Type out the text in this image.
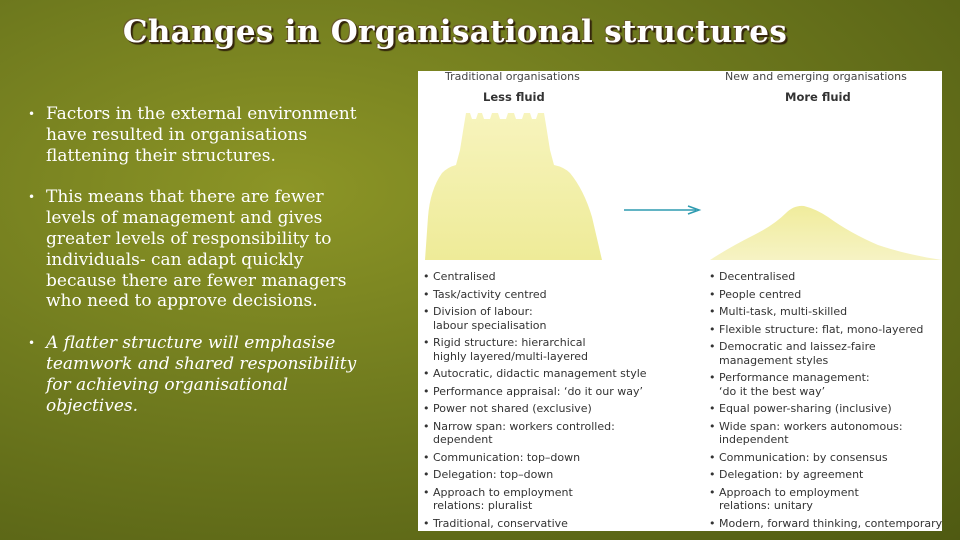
Changes in Organisational structures
• Factors in the external environment have resulted in organisations flattening their structures.
• This means that there are fewer levels of management and gives greater levels of responsibility to individuals- can adapt quickly because there are fewer managers who need to approve decisions.
• A flatter structure will emphasise teamwork and shared responsibility for achieving organisational objectives.
Traditional organisations
Less fluid
New and emerging organisations
More fluid
• Centralised
• Task/activity centred
• Division of labour:
labour specialisation
• Rigid structure: hierarchical
highly layered/multi-layered
• Autocratic, didactic management style
• Performance appraisal: ‘do it our way’
• Power not shared (exclusive)
• Narrow span: workers controlled:
dependent
• Communication: top–down
• Delegation: top–down
• Approach to employment
relations: pluralist
• Traditional, conservative
• Decentralised
• People centred
• Multi-task, multi-skilled
• Flexible structure: flat, mono-layered
• Democratic and laissez-faire
management styles
• Performance management:
‘do it the best way’
• Equal power-sharing (inclusive)
• Wide span: workers autonomous:
independent
• Communication: by consensus
• Delegation: by agreement
• Approach to employment
relations: unitary
• Modern, forward thinking, contemporary
